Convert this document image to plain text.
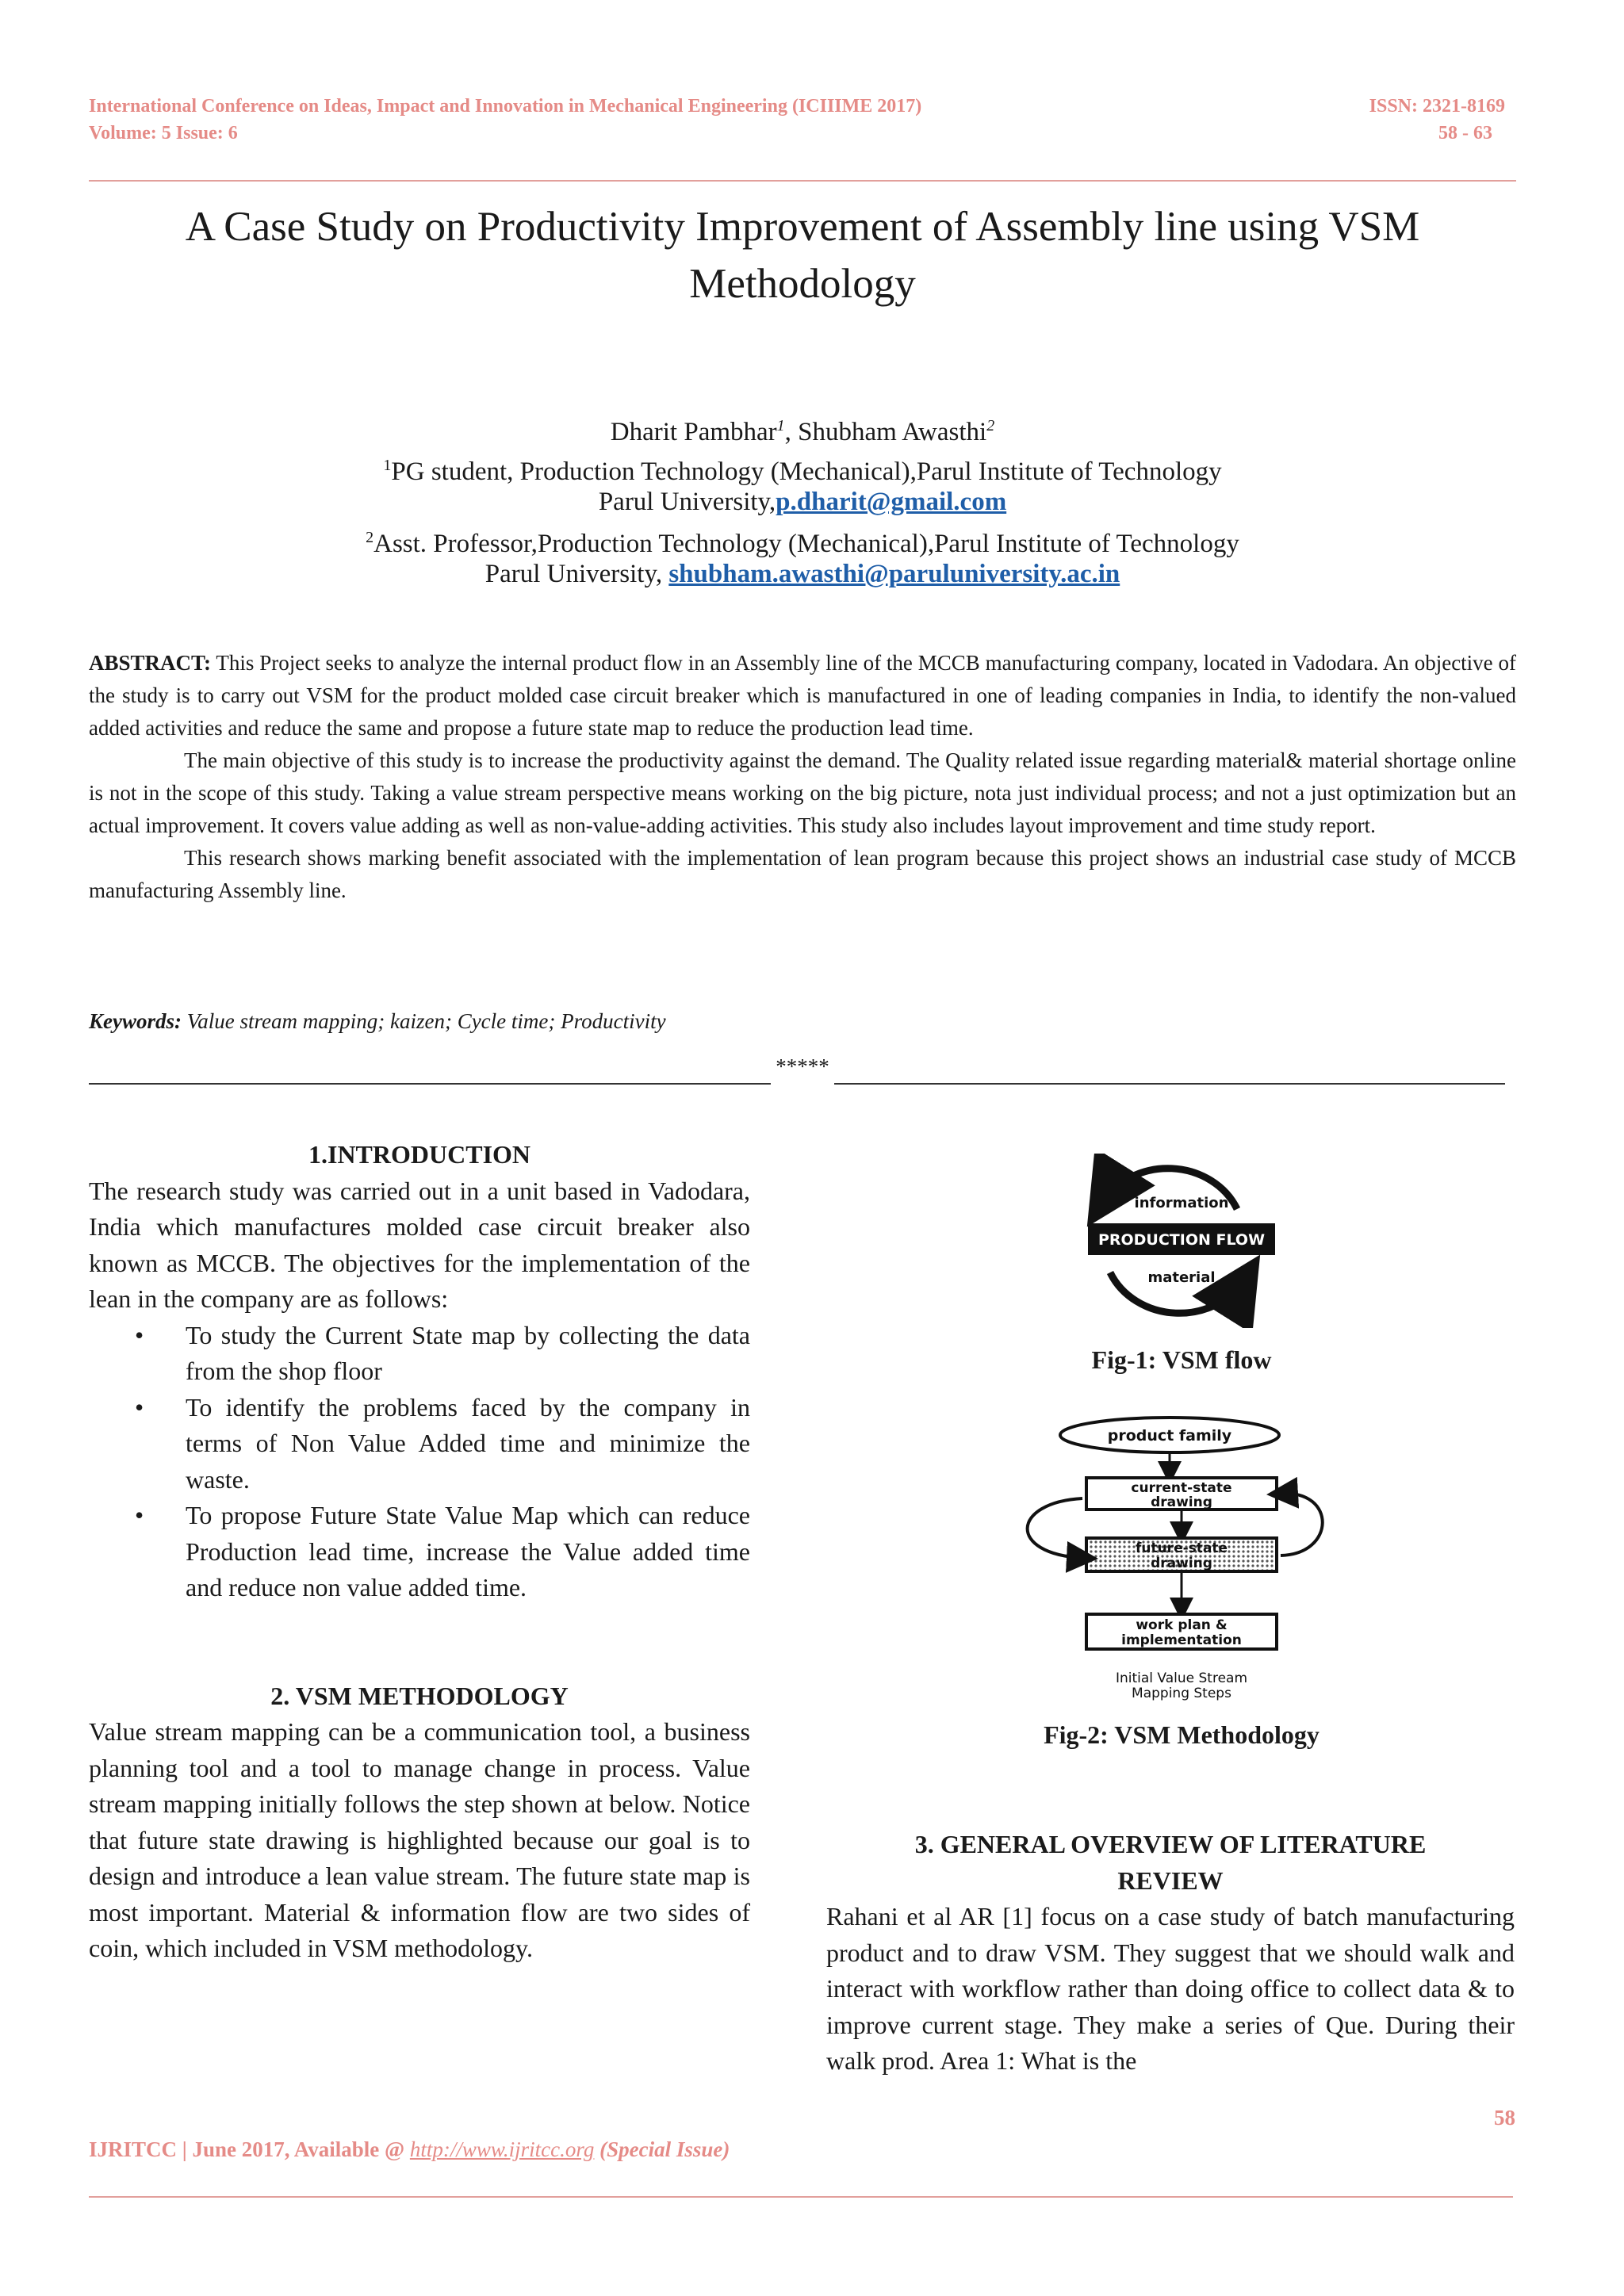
International Conference on Ideas, Impact and Innovation in Mechanical Engineering (ICIIIME 2017)
Volume: 5 Issue: 6
ISSN: 2321-8169
58 - 63
A Case Study on Productivity Improvement of Assembly line using VSM Methodology
Dharit Pambhar$^1$, Shubham Awasthi$^2$
$^1$PG student, Production Technology (Mechanical),Parul Institute of Technology
Parul University,p.dharit@gmail.com
$^2$Asst. Professor,Production Technology (Mechanical),Parul Institute of Technology
Parul University, shubham.awasthi@paruluniversity.ac.in
ABSTRACT: This Project seeks to analyze the internal product flow in an Assembly line of the MCCB manufacturing company, located in Vadodara. An objective of the study is to carry out VSM for the product molded case circuit breaker which is manufactured in one of leading companies in India, to identify the non-valued added activities and reduce the same and propose a future state map to reduce the production lead time.
The main objective of this study is to increase the productivity against the demand. The Quality related issue regarding material& material shortage online is not in the scope of this study. Taking a value stream perspective means working on the big picture, nota just individual process; and not a just optimization but an actual improvement. It covers value adding as well as non-value-adding activities. This study also includes layout improvement and time study report.
This research shows marking benefit associated with the implementation of lean program because this project shows an industrial case study of MCCB manufacturing Assembly line.
Keywords: Value stream mapping; kaizen; Cycle time; Productivity
*****
1.INTRODUCTION
The research study was carried out in a unit based in Vadodara, India which manufactures molded case circuit breaker also known as MCCB. The objectives for the implementation of the lean in the company are as follows:
• To study the Current State map by collecting the data from the shop floor
• To identify the problems faced by the company in terms of Non Value Added time and minimize the waste.
• To propose Future State Value Map which can reduce Production lead time, increase the Value added time and reduce non value added time.
2. VSM METHODOLOGY
Value stream mapping can be a communication tool, a business planning tool and a tool to manage change in process. Value stream mapping initially follows the step shown at below. Notice that future state drawing is highlighted because our goal is to design and introduce a lean value stream. The future state map is most important. Material & information flow are two sides of coin, which included in VSM methodology.
information
PRODUCTION FLOW
material
Fig-1: VSM flow
product family
current-state
drawing
future-state
drawing
work plan &
implementation
Initial Value Stream
Mapping Steps
Fig-2: VSM Methodology
3. GENERAL OVERVIEW OF LITERATURE
REVIEW
Rahani et al AR [1] focus on a case study of batch manufacturing product and to draw VSM. They suggest that we should walk and interact with workflow rather than doing office to collect data & to improve current stage. They make a series of Que. During their walk prod. Area 1: What is the
58
IJRITCC | June 2017, Available @ http://www.ijritcc.org (Special Issue)
